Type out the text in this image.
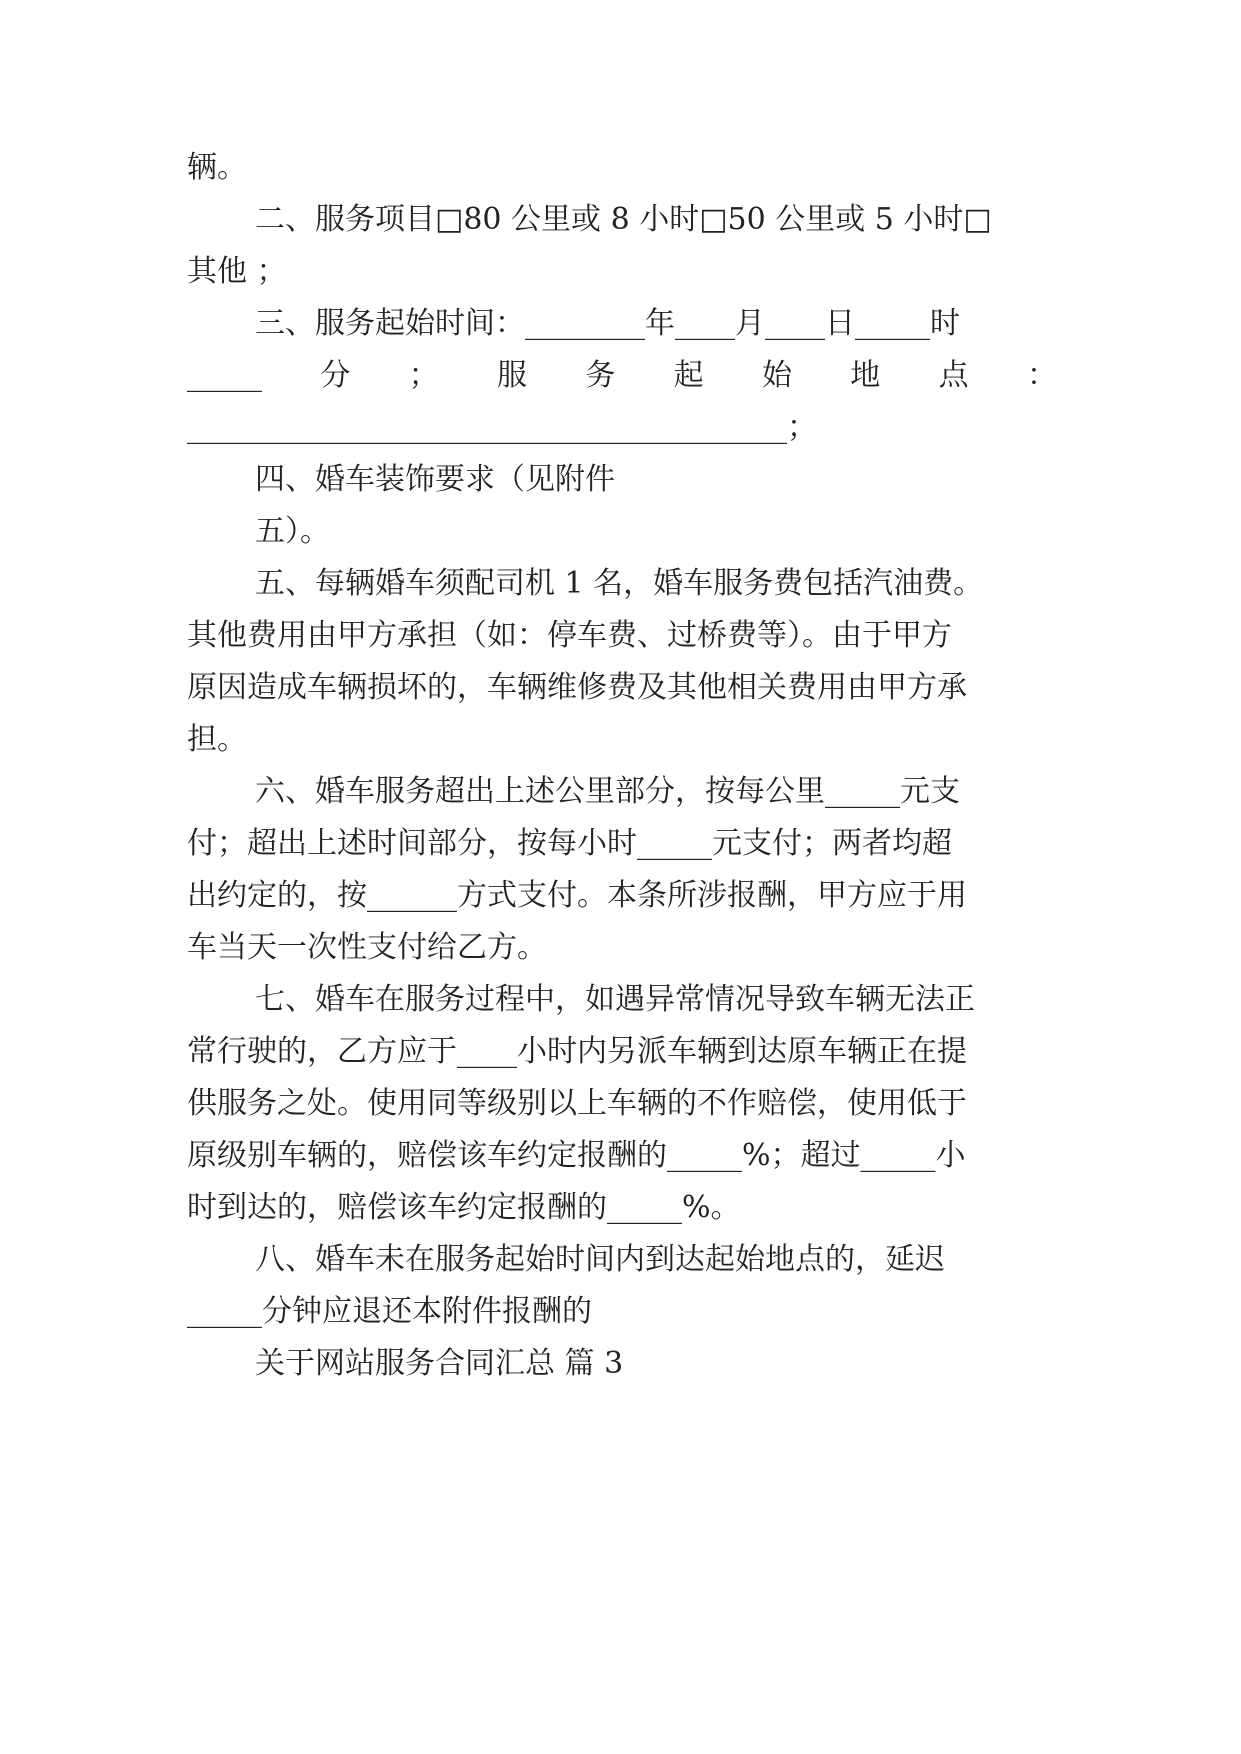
辆。
二、服务项目□80 公里或 8 小时□50 公里或 5 小时□
其他 ；
三、服务起始时间：________年____月____日_____时
_____ 分 ； 服 务 起 始 地 点 ：
________________________________________；
四、婚车装饰要求（见附件
五）。
五、每辆婚车须配司机 1 名，婚车服务费包括汽油费。
其他费用由甲方承担（如：停车费、过桥费等）。由于甲方
原因造成车辆损坏的，车辆维修费及其他相关费用由甲方承
担。
六、婚车服务超出上述公里部分，按每公里_____元支
付；超出上述时间部分，按每小时_____元支付；两者均超
出约定的，按______方式支付。本条所涉报酬，甲方应于用
车当天一次性支付给乙方。
七、婚车在服务过程中，如遇异常情况导致车辆无法正
常行驶的，乙方应于____小时内另派车辆到达原车辆正在提
供服务之处。使用同等级别以上车辆的不作赔偿，使用低于
原级别车辆的，赔偿该车约定报酬的_____%；超过_____小
时到达的，赔偿该车约定报酬的_____%。
八、婚车未在服务起始时间内到达起始地点的，延迟
_____分钟应退还本附件报酬的
关于网站服务合同汇总 篇 3
